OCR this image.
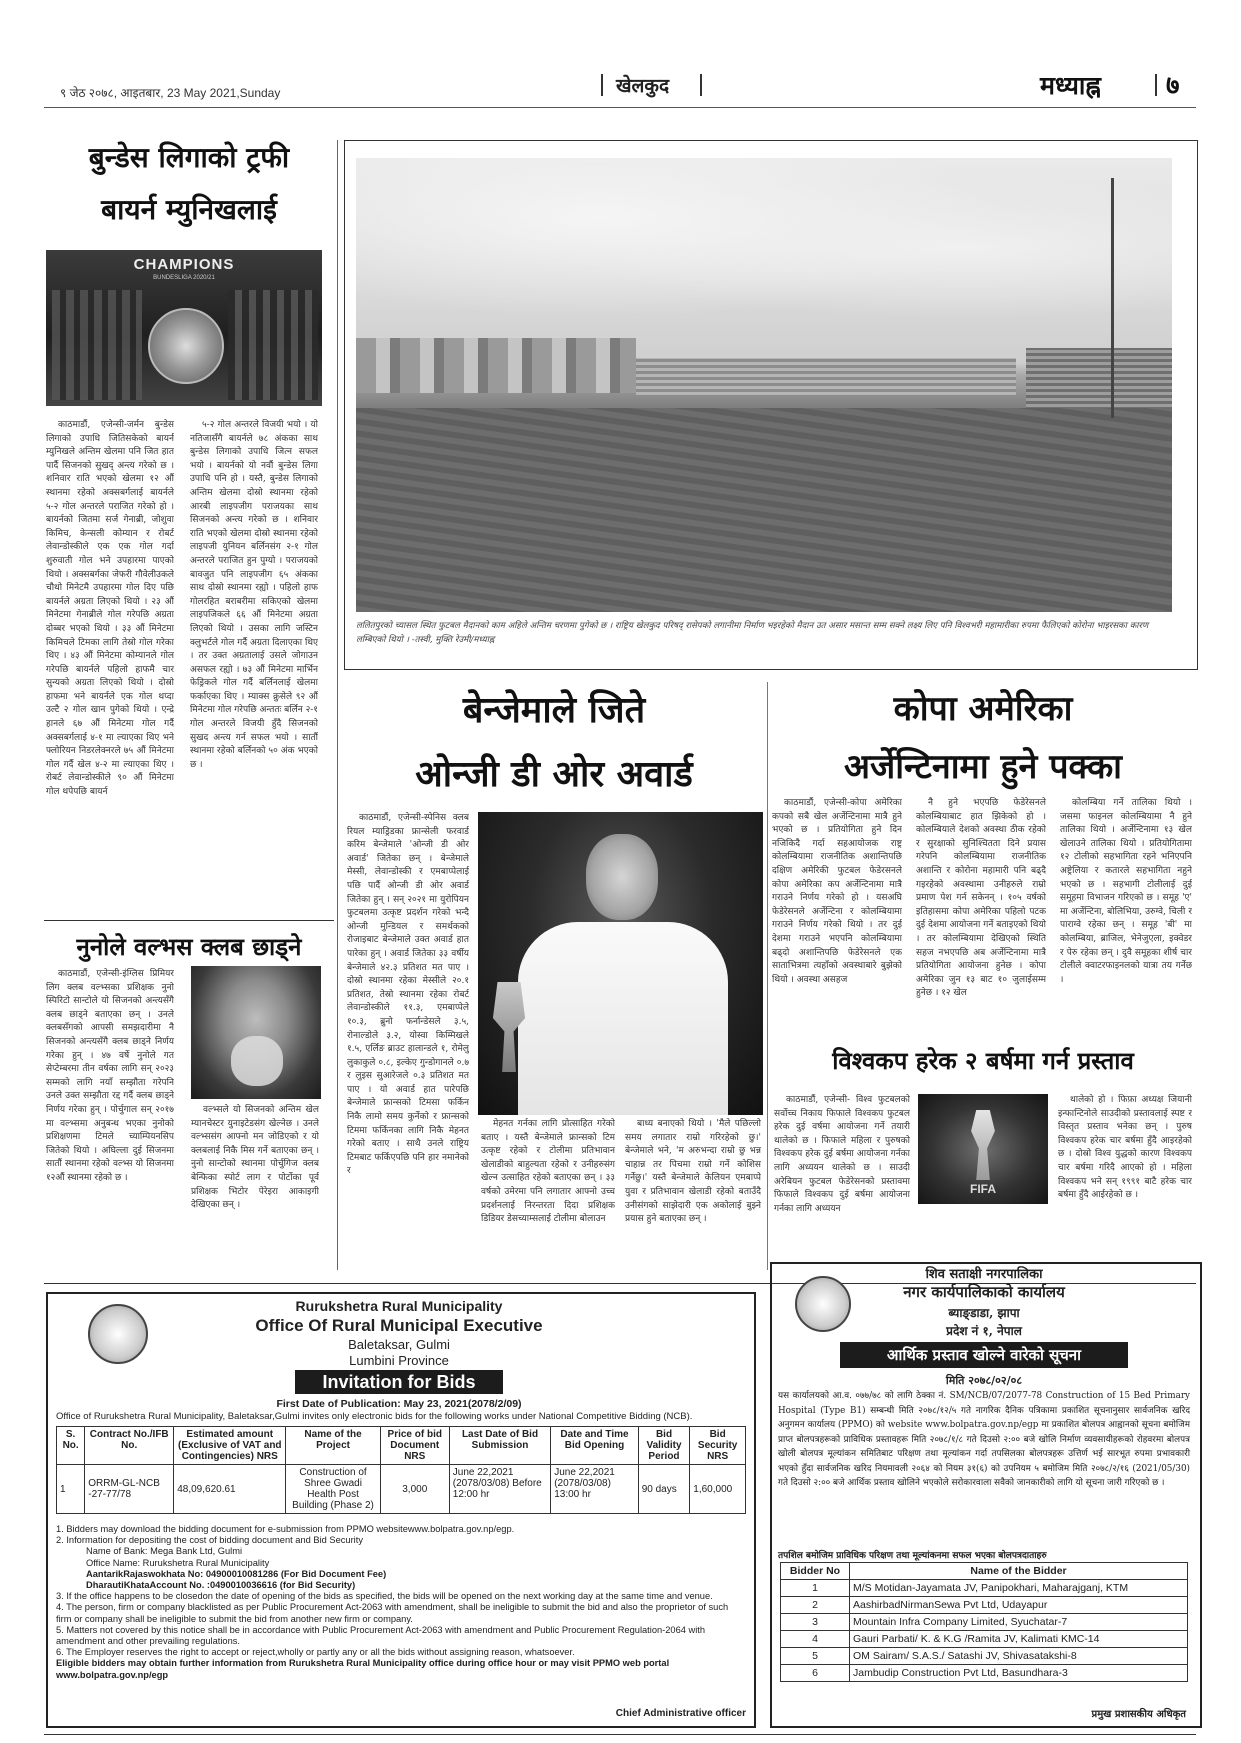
९ जेठ २०७८, आइतबार, 23 May 2021,Sunday	खेलकुद	मध्याह्न	७
बुन्डेस लिगाको ट्रफी
बायर्न म्युनिखलाई
CHAMPIONS
BUNDESLIGA 2020/21

काठमाडौं, एजेन्सी-जर्मन बुन्डेस लिगाको उपाधि जितिसकेको बायर्न म्युनिखले अन्तिम खेलमा पनि जित हात पार्दै सिजनको सुखद् अन्त्य गरेको छ । शनिवार राति भएको खेलमा १२ औं स्थानमा रहेको अक्सबर्गलाई बायर्नले ५-२ गोल अन्तरले पराजित गरेको हो । बायर्नको जितमा सर्ज गेनाब्री, जोशुवा किमिच, केन्सली कोम्यान र रोबर्ट लेवान्डोस्कीले एक एक गोल गर्दा शुरुवाती गोल भने उपहारमा पाएको थियो । अक्सबर्गका जेफरी गौवेलीउकले चौथो मिनेटमै उपहारमा गोल दिए पछि बायर्नले अग्रता लिएको थियो । २३ औं मिनेटमा गेनाब्रीले गोल गरेपछि अग्रता दोब्बर भएको थियो । ३३ औं मिनेटमा किमिचले टिमका लागि तेस्रो गोल गरेका थिए । ४३ औं मिनेटमा कोम्यानले गोल गरेपछि बायर्नले पहिलो हाफमै चार सुन्यको अग्रता लिएको थियो । दोस्रो हाफमा भने बायर्नले एक गोल थप्दा उल्टै २ गोल खान पुगेको थियो । एन्द्रे हानले ६७ औं मिनेटमा गोल गर्दै अक्सबर्गलाई ४-१ मा ल्याएका थिए भने फ्लोरियन निडरलेक्नरले ७५ औं मिनेटमा गोल गर्दै खेल ४-२ मा ल्याएका थिए । रोबर्ट लेवान्डोस्कीले ९० औं मिनेटमा गोल थपेपछि बायर्न

५-२ गोल अन्तरले विजयी भयो । यो नतिजासँगै बायर्नले ७८ अंकका साथ बुन्डेस लिगाको उपाधि जित्न सफल भयो । बायर्नको यो नवौं बुन्डेस लिगा उपाधि पनि हो । यस्तै, बुन्डेस लिगाको अन्तिम खेलमा दोस्रो स्थानमा रहेको आरबी लाइपजीग पराजयका साथ सिजनको अन्त्य गरेको छ । शनिवार राति भएको खेलमा दोस्रो स्थानमा रहेको लाइपजी युनियन बर्लिनसंग २-१ गोल अन्तरले पराजित हुन पुग्यो । पराजयको बावजुत पनि लाइपजीग ६५ अंकका साथ दोस्रो स्थानमा रह्यो । पहिलो हाफ गोलरहित बराबरीमा सकिएको खेलमा लाइपजिकले ६६ औं मिनेटमा अग्रता लिएको थियो । उसका लागि जस्टिन क्लुभर्टले गोल गर्दै अग्रता दिलाएका थिए । तर उक्त अग्रतालाई उसले जोगाउन असफल रह्यो । ७३ औं मिनेटमा मार्भिन फेड्रिकले गोल गर्दै बर्लिनलाई खेलमा फर्काएका थिए । म्याक्स क्रुसेले ९२ औं मिनेटमा गोल गरेपछि अन्ततः बर्लिन २-१ गोल अन्तरले विजयी हुँदै सिजनको सुखद अन्त्य गर्न सफल भयो । सातौं स्थानमा रहेको बर्लिनको ५० अंक भएको छ ।

नुनोले वल्भस क्लब छाड्ने

काठमाडौं, एजेन्सी-इंग्लिस प्रिमियर लिग क्लब वल्भ्सका प्रशिक्षक नुनो स्पिरिटो सान्टोले यो सिजनको अन्त्यसँगै क्लब छाड्ने बताएका छन् । उनले क्लबसँगको आपसी समझदारीमा नै सिजनको अन्त्यसँगै क्लब छाड्ने निर्णय गरेका हुन् । ४७ वर्षे नुनोले गत सेप्टेम्बरमा तीन वर्षका लागि सन् २०२३ सम्मको लागि नयाँ सम्झौता गरेपनि उनले उक्त सम्झौता रद्द गर्दै क्लब छाड्ने निर्णय गरेका हुन् । पोर्चुगाल सन् २०१७ मा वल्भ्समा अनुबन्ध भएका नुनोको प्रशिक्षणमा टिमले च्याम्पियनसिप जितेको थियो । अघिल्ला दुई सिजनमा सातौं स्थानमा रहेको वल्भ्स यो सिजनमा १२औं स्थानमा रहेको छ ।

वल्भ्सले यो सिजनको अन्तिम खेल म्यानचेस्टर युनाइटेडसंग खेल्नेछ । उनले वल्भ्ससंग आफ्नो मन जोडिएको र यो क्लबलाई निकै मिस गर्ने बताएका छन् । नुनो सान्टोको स्थानमा पोर्चुगिज क्लब बेन्फिका स्पोर्ट लाग र पोर्टोका पूर्व प्रशिक्षक भिटोर पेरेइरा आकाइगी देखिएका छन् ।

ललितपुरको च्यासल स्थित फुटबल मैदानको काम अहिले अन्तिम चरणमा पुगेको छ । राष्ट्रिय खेलकुद परिषद् रासेपको लगानीमा निर्माण भइरहेको मैदान उत असार मसान्त सम्म सक्ने लक्ष्य लिए पनि विश्वभरी महामारीका रुपमा फैलिएको कोरोना भाइरसका कारण लम्बिएको थियो । -तस्वी, मुक्ति रेउमी/मध्याह्न
बेन्जेमाले जिते
ओन्जी डी ओर अवार्ड

काठमाडौं, एजेन्सी-स्पेनिस क्लब रियल म्याड्रिडका फ्रान्सेली फरवार्ड करिम बेन्जेमाले 'ओन्जी डी ओर अवार्ड' जितेका छन् । बेन्जेमाले मेस्सी, लेवान्डोस्की र एमबाप्पेलाई पछि पार्दै ओन्जी डी ओर अवार्ड जितेका हुन् । सन् २०२१ मा युरोपियन फुटबलमा उत्कृष्ट प्रदर्शन गरेको भन्दै ओन्जी मुन्डियल र समर्थकको रोजाइबाट बेन्जेमाले उक्त अवार्ड हात पारेका हुन् । अवार्ड जितेका ३३ वर्षीय बेन्जेमाले ४२.३ प्रतिशत मत पाए । दोस्रो स्थानमा रहेका मेस्सीले २०.१ प्रतिशत, तेस्रो स्थानमा रहेका रोबर्ट लेवान्डोस्कीले ११.३, एमबाप्पेले १०.३, ब्रुनो फर्नान्डेसले ३.५, रोनाल्डोले ३.२, योस्वा किम्मिखले १.५, एर्लिङ ब्राउट हालान्डले १, रोमेलु लुकाकुले ०.८, इल्केए गुन्डोगानले ०.७ र लुइस सुआरेजले ०.३ प्रतिशत मत पाए । यो अवार्ड हात पारेपछि बेन्जेमाले फ्रान्सको टिमसा फर्किन निकै लामो समय कुर्नेको र फ्रान्सको टिममा फर्किनका लागि निकै मेहनत गरेको बताए । साथै उनले राष्ट्रिय टिमबाट फर्किएपछि पनि हार नमानेको र

मेहनत गर्नका लागि प्रोत्साहित गरेको बताए । यस्तै बेन्जेमाले फ्रान्सको टिम उत्कृष्ट रहेको र टोलीमा प्रतिभावान खेलाडीको बाहुल्यता रहेको र उनीहरुसंग खेल्न उत्साहित रहेको बताएका छन् । ३३ वर्षको उमेरमा पनि लगातार आफ्नो उच्च प्रदर्शनलाई निरन्तरता दिदा प्रशिक्षक डिडियर डेसच्याम्सलाई टोलीमा बोलाउन

बाध्य बनाएको थियो । 'मैले पछिल्लो समय लगातार राम्रो गरिरहेको छु।' बेन्जेमाले भने, 'म अरुभन्दा राम्रो छु भन्न चाहान्न तर पिचमा राम्रो गर्ने कोशिस गर्नेछु।' यस्तै बेन्जेमाले केलियन एमबाप्पे युवा र प्रतिभावान खेलाडी रहेको बताउँदै उनीसंगको साझेदारी एक अकोलाई बुझ्ने प्रयास हुने बताएका छन् ।

कोपा अमेरिका
अर्जेन्टिनामा हुने पक्का

काठमाडौं, एजेन्सी-कोपा अमेरिका कपको सबै खेल अर्जेन्टिनामा मात्रै हुने भएको छ । प्रतियोगिता हुने दिन नजिकिदै गर्दा सहआयोजक राष्ट्र कोलम्बियामा राजनीतिक अशान्तिपछि दक्षिण अमेरिकी फुटबल फेडेरसनले कोपा अमेरिका कप अर्जेन्टिनामा मात्रै गराउने निर्णय गरेको हो । यसअघि फेडेरेसनले अर्जेन्टिना र कोलम्बियामा गराउने निर्णय गरेको थियो । तर दुई देशमा गराउने भएपनि कोलम्बियामा बढ्दो अशान्तिपछि फेडेरेसनले एक साताभित्रमा त्यहाँको अवस्थाबारे बुझेको थियो । अवस्था असहज

नै हुने भएपछि फेडेरेसनले कोलम्बियाबाट हात झिकेको हो । कोलम्बियाले देशको अवस्था ठीक रहेको र सुरक्षाको सुनिश्चितता दिने प्रयास गरेपनि कोलम्बियामा राजनीतिक अशान्ति र कोरोना महामारी पनि बढ्दै गइरहेको अवस्थामा उनीहरुले राम्रो प्रमाण पेश गर्न सकेनन् । १०५ वर्षको इतिहासमा कोपा अमेरिका पहिलो पटक दुई देशमा आयोजना गर्ने बताइएको थियो । तर कोलम्बियामा देखिएको स्थिति सहज नभएपछि अब अर्जेन्टिनामा मात्रै प्रतियोगिता आयोजना हुनेछ । कोपा अमेरिका जुन १३ बाट १० जुलाईसम्म हुनेछ । १२ खेल

कोलम्बिया गर्ने तालिका थियो । जसमा फाइनल कोलम्बियामा नै हुने तालिका थियो । अर्जेन्टिनामा १३ खेल खेलाउने तालिका थियो । प्रतियोगितामा १२ टोलीको सहभागिता रहने भनिएपनि अष्ट्रेलिया र कतारले सहभागिता नहुने भएको छ । सहभागी टोलीलाई दुई समूहमा विभाजन गरिएको छ । समूह 'ए' मा अर्जेन्टिना, बोलिभिया, उरुग्वे, चिली र पाराग्वे रहेका छन् । समूह 'बी' मा कोलम्बिया, ब्राजिल, भेनेजुएला, इक्वेडर र पेरु रहेका छन् । दुवै समूहका शीर्ष चार टोलीले क्वाटरफाइनलको यात्रा तय गर्नेछ ।

विश्वकप हरेक २ बर्षमा गर्न प्रस्ताव

काठमाडौं, एजेन्सी- विश्व फुटबलको सर्वोच्च निकाय फिफाले विश्वकप फुटबल हरेक दुई वर्षमा आयोजना गर्ने तयारी थालेको छ । फिफाले महिला र पुरुषको विश्वकप हरेक दुई बर्षमा आयोजना गर्नका लागि अध्ययन थालेको छ । साउदी अरेबियन फुटबल फेडेरेसनको प्रस्तावमा फिफाले विश्वकप दुई बर्षमा आयोजना गर्नका लागि अध्ययन

FIFA

थालेको हो । फिफ़ा अध्यक्ष जियानी इन्फान्टिनोले साउदीको प्रस्तावलाई स्पष्ट र विस्तृत प्रस्ताव भनेका छन् । पुरुष विश्वकप हरेक चार बर्षमा हुँदै आइरहेको छ । दोस्रो विश्व युद्धको कारण विश्वकप चार बर्षमा गरिदै आएको हो । महिला विश्वकप भने सन् १९९१ बाटै हरेक चार बर्षमा हुँदै आईरहेको छ ।

Rurukshetra Rural Municipality
Office Of Rural Municipal Executive
Baletaksar, Gulmi
Lumbini Province
Invitation for Bids
First Date of Publication: May 23, 2021(2078/2/09)
Office of Rurukshetra Rural Municipality, Baletaksar,Gulmi invites only electronic bids for the following works under National Competitive Bidding (NCB).
S. No.	Contract No./IFB No.	Estimated amount (Exclusive of VAT and Contingencies) NRS	Name of the Project	Price of bid Document NRS	Last Date of Bid Submission	Date and Time Bid Opening	Bid Validity Period	Bid Security NRS
1	ORRM-GL-NCB -27-77/78	48,09,620.61	Construction of Shree Gwadi Health Post Building (Phase 2)	3,000	June 22,2021 (2078/03/08) Before 12:00 hr	June 22,2021 (2078/03/08) 13:00 hr	90 days	1,60,000
1. Bidders may download the bidding document for e-submission from PPMO websitewww.bolpatra.gov.np/egp.
2. Information for depositing the cost of bidding document and Bid Security
Name of Bank: Mega Bank Ltd, Gulmi
Office Name: Rurukshetra Rural Municipality
AantarikRajaswokhata No: 0490001008128​6 (For Bid Document Fee)
DharautiKhataAccount No. :0490010036616 (for Bid Security)
3. If the office happens to be closedon the date of opening of the bids as specified, the bids will be opened on the next working day at the same time and venue.
4. The person, firm or company blacklisted as per Public Procurement Act-2063 with amendment, shall be ineligible to submit the bid and also the proprietor of such firm or company shall be ineligible to submit the bid from another new firm or company.
5. Matters not covered by this notice shall be in accordance with Public Procurement Act-2063 with amendment and Public Procurement Regulation-2064 with amendment and other prevailing regulations.
6. The Employer reserves the right to accept or reject,wholly or partly any or all the bids without assigning reason, whatsoever.
Eligible bidders may obtain further information from Rurukshetra Rural Municipality office during office hour or may visit PPMO web portal www.bolpatra.gov.np/egp
Chief Administrative officer
शिव सताक्षी नगरपालिका
नगर कार्यपालिकाको कार्यालय
ब्याङ्डाडा, झापा
प्रदेश नं १, नेपाल
आर्थिक प्रस्ताव खोल्ने वारेको सूचना
मिति २०७८/०२/०८
यस कार्यालयको आ.व. ०७७/७८ को लागि ठेक्का नं. SM/NCB/07/2077-78 Construction of 15 Bed Primary Hospital (Type B1) सम्बन्धी मिति २०७८/१२/५ गते नागरिक दैनिक पत्रिकामा प्रकाशित सूचनानुसार सार्वजनिक खरिद अनुगमन कार्यालय (PPMO) को website www.bolpatra.gov.np/egp मा प्रकाशित बोलपत्र आह्वानको सूचना बमोजिम प्राप्त बोलपत्रहरूको प्राविधिक प्रस्तावहरू मिति २०७८/१/८ गते दिउसो २:०० बजे खोलि निर्माण व्यवसायीहरूको रोहवरमा बोलपत्र खोली बोलपत्र मूल्यांकन समितिबाट परिक्षण तथा मूल्यांकन गर्दा तपसिलका बोलपत्रहरू उत्तिर्ण भई सारभूत रुपमा प्रभावकारी भएको हुँदा सार्वजनिक खरिद नियमावली २०६४ को नियम ३१(६) को उपनियम ५ बमोजिम मिति २०७८/२/१६ (2021/05/30) गते दिउसो २:०० बजे आर्थिक प्रस्ताव खोलिने भएकोले सरोकारवाला सवैको जानकारीको लागि यो सूचना जारी गरिएको छ ।
तपशिल बमोजिम प्राविधिक परिक्षण तथा मूल्यांकनमा सफल भएका बोलपत्रदाताहरु
Bidder No	Name of the Bidder
1	M/S Motidan-Jayamata JV, Panipokhari, Maharajganj, KTM
2	AashirbadNirmanSewa Pvt Ltd, Udayapur
3	Mountain Infra Company Limited, Syuchatar-7
4	Gauri Parbati/ K. & K.G /Ramita JV, Kalimati KMC-14
5	OM Sairam/ S.A.S./ Satashi JV, Shivasatakshi-8
6	Jambudip Construction Pvt Ltd, Basundhara-3
प्रमुख प्रशासकीय अधिकृत
